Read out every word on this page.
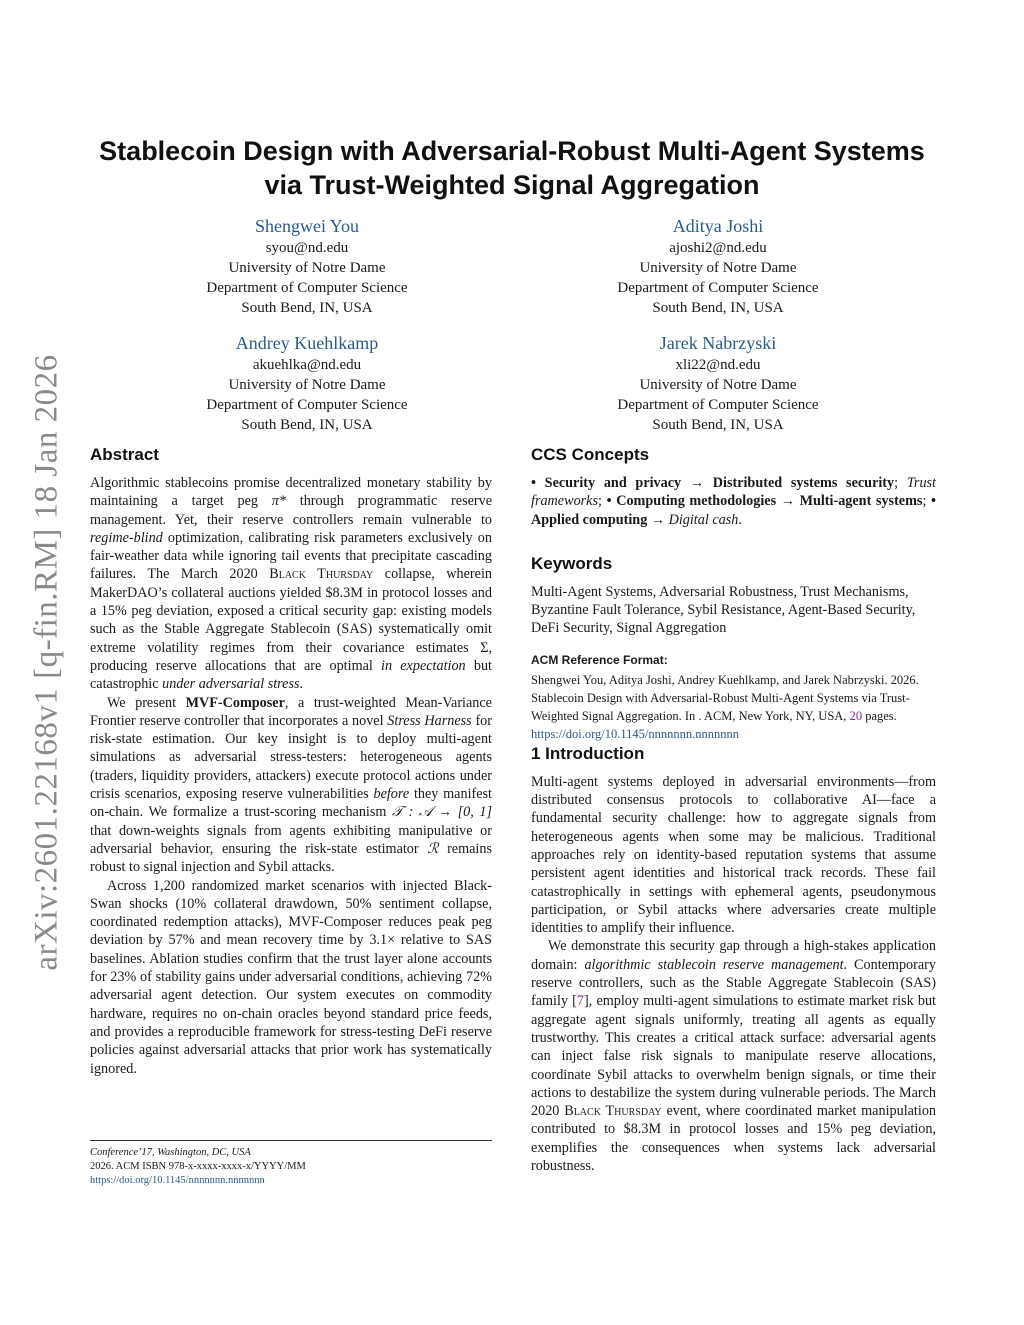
arXiv:2601.22168v1 [q-fin.RM] 18 Jan 2026
Stablecoin Design with Adversarial-Robust Multi-Agent Systems
via Trust-Weighted Signal Aggregation
Shengwei You
syou@nd.edu
University of Notre Dame
Department of Computer Science
South Bend, IN, USA
Aditya Joshi
ajoshi2@nd.edu
University of Notre Dame
Department of Computer Science
South Bend, IN, USA
Andrey Kuehlkamp
akuehlka@nd.edu
University of Notre Dame
Department of Computer Science
South Bend, IN, USA
Jarek Nabrzyski
xli22@nd.edu
University of Notre Dame
Department of Computer Science
South Bend, IN, USA
Abstract

Algorithmic stablecoins promise decentralized monetary stability by maintaining a target peg π* through programmatic reserve management. Yet, their reserve controllers remain vulnerable to regime-blind optimization, calibrating risk parameters exclusively on fair-weather data while ignoring tail events that precipitate cascading failures. The March 2020 Black Thursday collapse, wherein MakerDAO’s collateral auctions yielded $8.3M in protocol losses and a 15% peg deviation, exposed a critical security gap: existing models such as the Stable Aggregate Stablecoin (SAS) systematically omit extreme volatility regimes from their covariance estimates Σ, producing reserve allocations that are optimal in expectation but catastrophic under adversarial stress.

We present MVF-Composer, a trust-weighted Mean-Variance Frontier reserve controller that incorporates a novel Stress Harness for risk-state estimation. Our key insight is to deploy multi-agent simulations as adversarial stress-testers: heterogeneous agents (traders, liquidity providers, attackers) execute protocol actions under crisis scenarios, exposing reserve vulnerabilities before they manifest on-chain. We formalize a trust-scoring mechanism 𝒯 : 𝒜 → [0, 1] that down-weights signals from agents exhibiting manipulative or adversarial behavior, ensuring the risk-state estimator ℛ remains robust to signal injection and Sybil attacks.

Across 1,200 randomized market scenarios with injected Black-Swan shocks (10% collateral drawdown, 50% sentiment collapse, coordinated redemption attacks), MVF-Composer reduces peak peg deviation by 57% and mean recovery time by 3.1× relative to SAS baselines. Ablation studies confirm that the trust layer alone accounts for 23% of stability gains under adversarial conditions, achieving 72% adversarial agent detection. Our system executes on commodity hardware, requires no on-chain oracles beyond standard price feeds, and provides a reproducible framework for stress-testing DeFi reserve policies against adversarial attacks that prior work has systematically ignored.

CCS Concepts

• Security and privacy → Distributed systems security; Trust frameworks; • Computing methodologies → Multi-agent systems; • Applied computing → Digital cash.

Keywords

Multi-Agent Systems, Adversarial Robustness, Trust Mechanisms, Byzantine Fault Tolerance, Sybil Resistance, Agent-Based Security, DeFi Security, Signal Aggregation

ACM Reference Format:

Shengwei You, Aditya Joshi, Andrey Kuehlkamp, and Jarek Nabrzyski. 2026. Stablecoin Design with Adversarial-Robust Multi-Agent Systems via Trust-Weighted Signal Aggregation. In . ACM, New York, NY, USA, 20 pages.
https://doi.org/10.1145/nnnnnnn.nnnnnnn

1 Introduction

Multi-agent systems deployed in adversarial environments—from distributed consensus protocols to collaborative AI—face a fundamental security challenge: how to aggregate signals from heterogeneous agents when some may be malicious. Traditional approaches rely on identity-based reputation systems that assume persistent agent identities and historical track records. These fail catastrophically in settings with ephemeral agents, pseudonymous participation, or Sybil attacks where adversaries create multiple identities to amplify their influence.

We demonstrate this security gap through a high-stakes application domain: algorithmic stablecoin reserve management. Contemporary reserve controllers, such as the Stable Aggregate Stablecoin (SAS) family [7], employ multi-agent simulations to estimate market risk but aggregate agent signals uniformly, treating all agents as equally trustworthy. This creates a critical attack surface: adversarial agents can inject false risk signals to manipulate reserve allocations, coordinate Sybil attacks to overwhelm benign signals, or time their actions to destabilize the system during vulnerable periods. The March 2020 Black Thursday event, where coordinated market manipulation contributed to $8.3M in protocol losses and 15% peg deviation, exemplifies the consequences when systems lack adversarial robustness.

Conference’17, Washington, DC, USA
2026. ACM ISBN 978-x-xxxx-xxxx-x/YYYY/MM
https://doi.org/10.1145/nnnnnnn.nnnnnnn
